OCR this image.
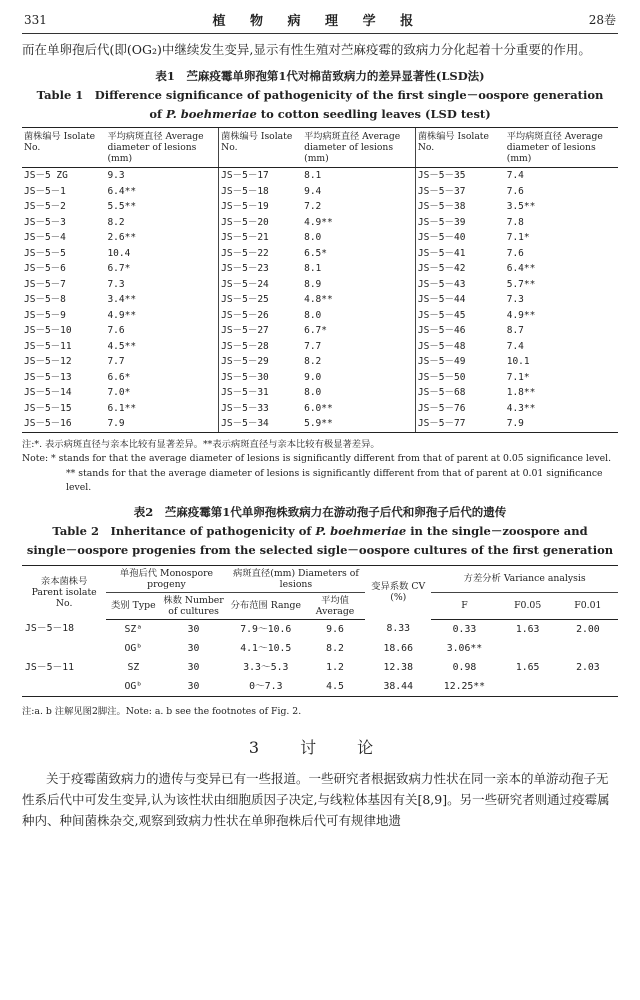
331	植 物 病 理 学 报	28卷

而在单卵孢后代(即(OG₂)中继续发生变异,显示有性生殖对苎麻疫霉的致病力分化起着十分重要的作用。

表1　苎麻疫霉单卵孢第1代对棉苗致病力的差异显著性(LSD法)
Table 1　Difference significance of pathogenicity of the first single－oospore generation
of P. boehmeriae to cotton seedling leaves (LSD test)
菌株编号 Isolate No.	平均病斑直径 Average diameter of lesions (mm)	菌株编号 Isolate No.	平均病斑直径 Average diameter of lesions (mm)	菌株编号 Isolate No.	平均病斑直径 Average diameter of lesions (mm)
JS－5 ZG	9.3	JS－5－17	8.1	JS－5－35	7.4
JS－5－1	6.4**	JS－5－18	9.4	JS－5－37	7.6
JS－5－2	5.5**	JS－5－19	7.2	JS－5－38	3.5**
JS－5－3	8.2	JS－5－20	4.9**	JS－5－39	7.8
JS－5－4	2.6**	JS－5－21	8.0	JS－5－40	7.1*
JS－5－5	10.4	JS－5－22	6.5*	JS－5－41	7.6
JS－5－6	6.7*	JS－5－23	8.1	JS－5－42	6.4**
JS－5－7	7.3	JS－5－24	8.9	JS－5－43	5.7**
JS－5－8	3.4**	JS－5－25	4.8**	JS－5－44	7.3
JS－5－9	4.9**	JS－5－26	8.0	JS－5－45	4.9**
JS－5－10	7.6	JS－5－27	6.7*	JS－5－46	8.7
JS－5－11	4.5**	JS－5－28	7.7	JS－5－48	7.4
JS－5－12	7.7	JS－5－29	8.2	JS－5－49	10.1
JS－5－13	6.6*	JS－5－30	9.0	JS－5－50	7.1*
JS－5－14	7.0*	JS－5－31	8.0	JS－5－68	1.8**
JS－5－15	6.1**	JS－5－33	6.0**	JS－5－76	4.3**
JS－5－16	7.9	JS－5－34	5.9**	JS－5－77	7.9
注:*. 表示病斑直径与亲本比较有显著差异。**表示病斑直径与亲本比较有极显著差异。
Note: * stands for that the average diameter of lesions is significantly different from that of parent at 0.05 significance level.
** stands for that the average diameter of lesions is significantly different from that of parent at 0.01 significance level.
表2　苎麻疫霉第1代单卵孢株致病力在游动孢子后代和卵孢子后代的遗传
Table 2　Inheritance of pathogenicity of P. boehmeriae in the single－zoospore and
single－oospore progenies from the selected sigle－oospore cultures of the first generation
亲本菌株号 Parent isolate No.	单孢后代 Monospore progeny		病斑直径(mm) Diameters of lesions		变异系数 CV (%)	方差分析 Variance analysis		
	类别 Type	株数 Number of cultures	分布范围 Range	平均值 Average		F	F0.05	F0.01
JS－5－18	SZᵃ	30	7.9～10.6	9.6	8.33	0.33	1.63	2.00
	OGᵇ	30	4.1～10.5	8.2	18.66	3.06**		
JS－5－11	SZ	30	3.3～5.3	1.2	12.38	0.98	1.65	2.03
	OGᵇ	30	0～7.3	4.5	38.44	12.25**		
注:a. b 注解见图2脚注。Note: a. b see the footnotes of Fig. 2.
3 讨 论

关于疫霉菌致病力的遗传与变异已有一些报道。一些研究者根据致病力性状在同一亲本的单游动孢子无性系后代中可发生变异,认为该性状由细胞质因子决定,与线粒体基因有关[8,9]。另一些研究者则通过疫霉属种内、种间菌株杂交,观察到致病力性状在单卵孢株后代可有规律地遗
